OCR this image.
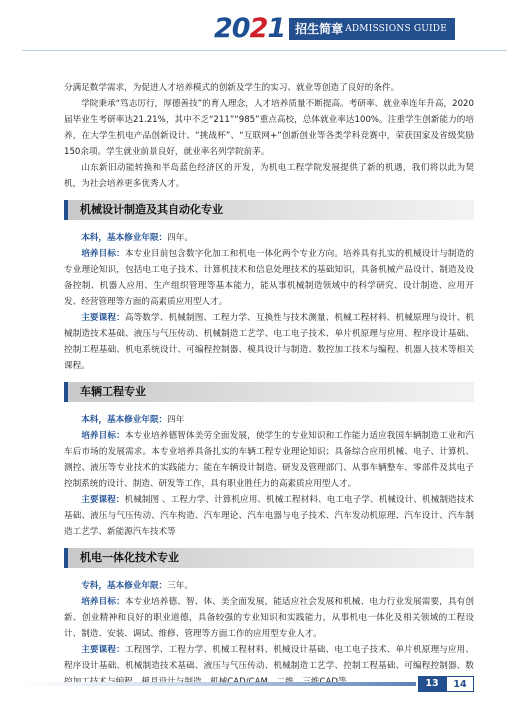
2021 招生简章 ADMISSIONS GUIDE

分满足数学需求，为促进人才培养模式的创新及学生的实习、就业等创造了良好的条件。

学院秉承“笃志厉行，厚德善技”的育人理念，人才培养质量不断提高。考研率、就业率连年升高，2020届毕业生考研率达21.21%，其中不乏“211”“985”重点高校，总体就业率达100%。注重学生创新能力的培养，在大学生机电产品创新设计、“挑战杯”、“互联网+”创新创业等各类学科竞赛中，荣获国家及省级奖励150余项。学生就业前景良好，就业率名列学院前茅。

山东新旧动能转换和半岛蓝色经济区的开发，为机电工程学院发展提供了新的机遇，我们将以此为契机，为社会培养更多优秀人才。

机械设计制造及其自动化专业

本科，基本修业年限：四年。

培养目标：本专业目前包含数字化加工和机电一体化两个专业方向。培养具有扎实的机械设计与制造的专业理论知识，包括电工电子技术、计算机技术和信息处理技术的基础知识，具备机械产品设计、制造及设备控制、机器人应用、生产组织管理等基本能力，能从事机械制造领域中的科学研究、设计制造、应用开发、经营管理等方面的高素质应用型人才。

主要课程：高等数学、机械制图、工程力学、互换性与技术测量、机械工程材料、机械原理与设计、机械制造技术基础、液压与气压传动、机械制造工艺学、电工电子技术、单片机原理与应用、程序设计基础、控制工程基础、机电系统设计、可编程控制器、模具设计与制造、数控加工技术与编程、机器人技术等相关课程。

车辆工程专业

本科，基本修业年限：四年

培养目标：本专业培养德智体美劳全面发展，使学生的专业知识和工作能力适应我国车辆制造工业和汽车后市场的发展需求。本专业培养具备扎实的车辆工程专业理论知识；具备综合应用机械、电子、计算机、测控、液压等专业技术的实践能力；能在车辆设计制造、研发及管理部门、从事车辆整车、零部件及其电子控制系统的设计、制造、研发等工作，具有职业胜任力的高素质应用型人才。

主要课程：机械制图 、工程力学、计算机应用、机械工程材料、电工电子学、机械设计、机械制造技术基础、液压与气压传动、汽车构造、汽车理论、汽车电器与电子技术、汽车发动机原理、汽车设计、汽车制造工艺学、新能源汽车技术等

机电一体化技术专业

专科，基本修业年限：三年。

培养目标：本专业培养德、智、体、美全面发展，能适应社会发展和机械、电力行业发展需要，具有创新、创业精神和良好的职业道德，具备较强的专业知识和实践能力，从事机电一体化及相关领域的工程设计、制造、安装、调试、维修、管理等方面工作的应用型专业人才。

主要课程：工程图学、工程力学、机械工程材料、机械设计基础、电工电子技术、单片机原理与应用、程序设计基础、机械制造技术基础、液压与气压传动、机械制造工艺学、控制工程基础、可编程控制器、数

13	14
